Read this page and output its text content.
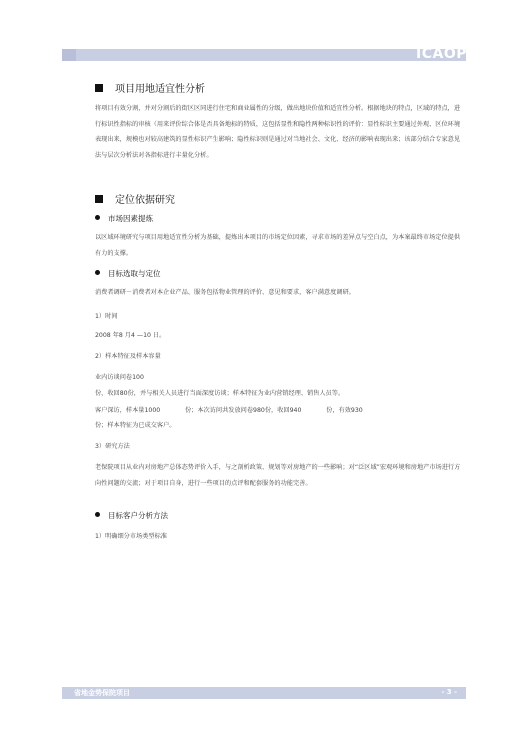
ICAOP
项目用地适宜性分析
将项目有效分割，并对分割后的街区区同进行住宅和商业属性的分级，做出地块价值和适宜性分析。根据地块的特点，区域的特点，进行标识性指标的审核（用来评价综合体是否具备地标的特质，这包括显性和隐性两种标识性的评价：显性标识主要通过外观、区位环境表现出来，规模也对较高建筑的显性标识产生影响；隐性标识则是通过对当地社会、文化、经济的影响表现出来；该部分结合专家意见法与层次分析法对各指标进行丰量化分析。
定位依据研究
市场因素提炼
以区域环境研究与项目用地适宜性分析为基础，提炼出本项目的市场定位因素，寻求市场的差异点与空白点，为本案最终市场定位提供有力的支撑。
目标选取与定位
消费者调研－消费者对本企业产品、服务包括物业管理的评价、意见和要求，客户满意度调研。
1）时间
2008 年8 月4 —10 日。
2）样本特征及样本容量
业内访谈问卷100
份，收回80份，并与相关人员进行当面深度访谈；样本特征为业内营销经理、销售人员等。
客户深访，样本量1000　　　　份；本次访问共发放问卷980份，收回940　　　　份，有效930
份；样本特征为已成交客户。
3）研究方法
老保院项目从业内对房地产总体态势评价入手，与之剖析政策、规划等对房地产的一些影响；对“泛区域”宏观环境和房地产市场进行方向性问题的交流；对于项目自身，进行一些项目的点评和配套服务的功能完善。
目标客户分析方法
1）明确细分市场类型标准
省地金势保院项目	- 3 -
